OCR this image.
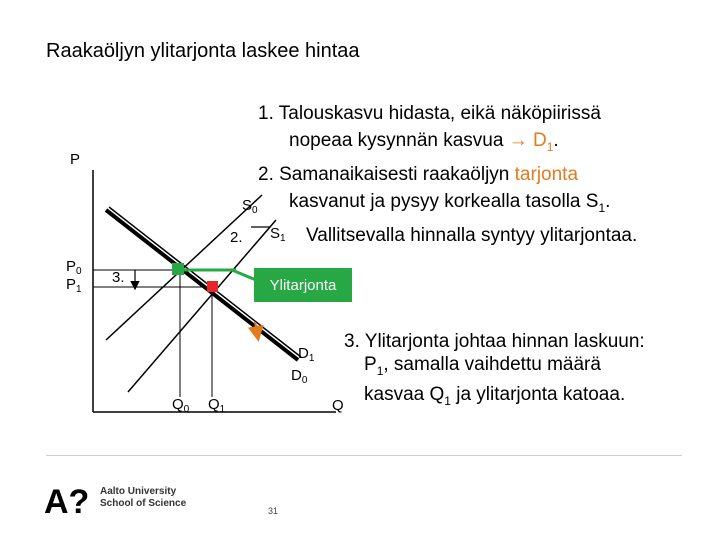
Raakaöljyn ylitarjonta laskee hintaa
1. Talouskasvu hidasta, eikä näköpiirissä
nopeaa kysynnän kasvua → $D_1$.
2. Samanaikaisesti raakaöljyn tarjonta
kasvanut ja pysyy korkealla tasolla $S_1$.
Vallitsevalla hinnalla syntyy ylitarjontaa.
P
Q
$S_0$
2. $S_1$
$P_0$
$P_1$
3.	Ylitarjonta
$D_1$
$D_0$
$Q_0$ $Q_1$
3. Ylitarjonta johtaa hinnan laskuun:
$P_1$, samalla vaihdettu määrä
kasvaa $Q_1$ ja ylitarjonta katoaa.
A? Aalto University
School of Science
31
